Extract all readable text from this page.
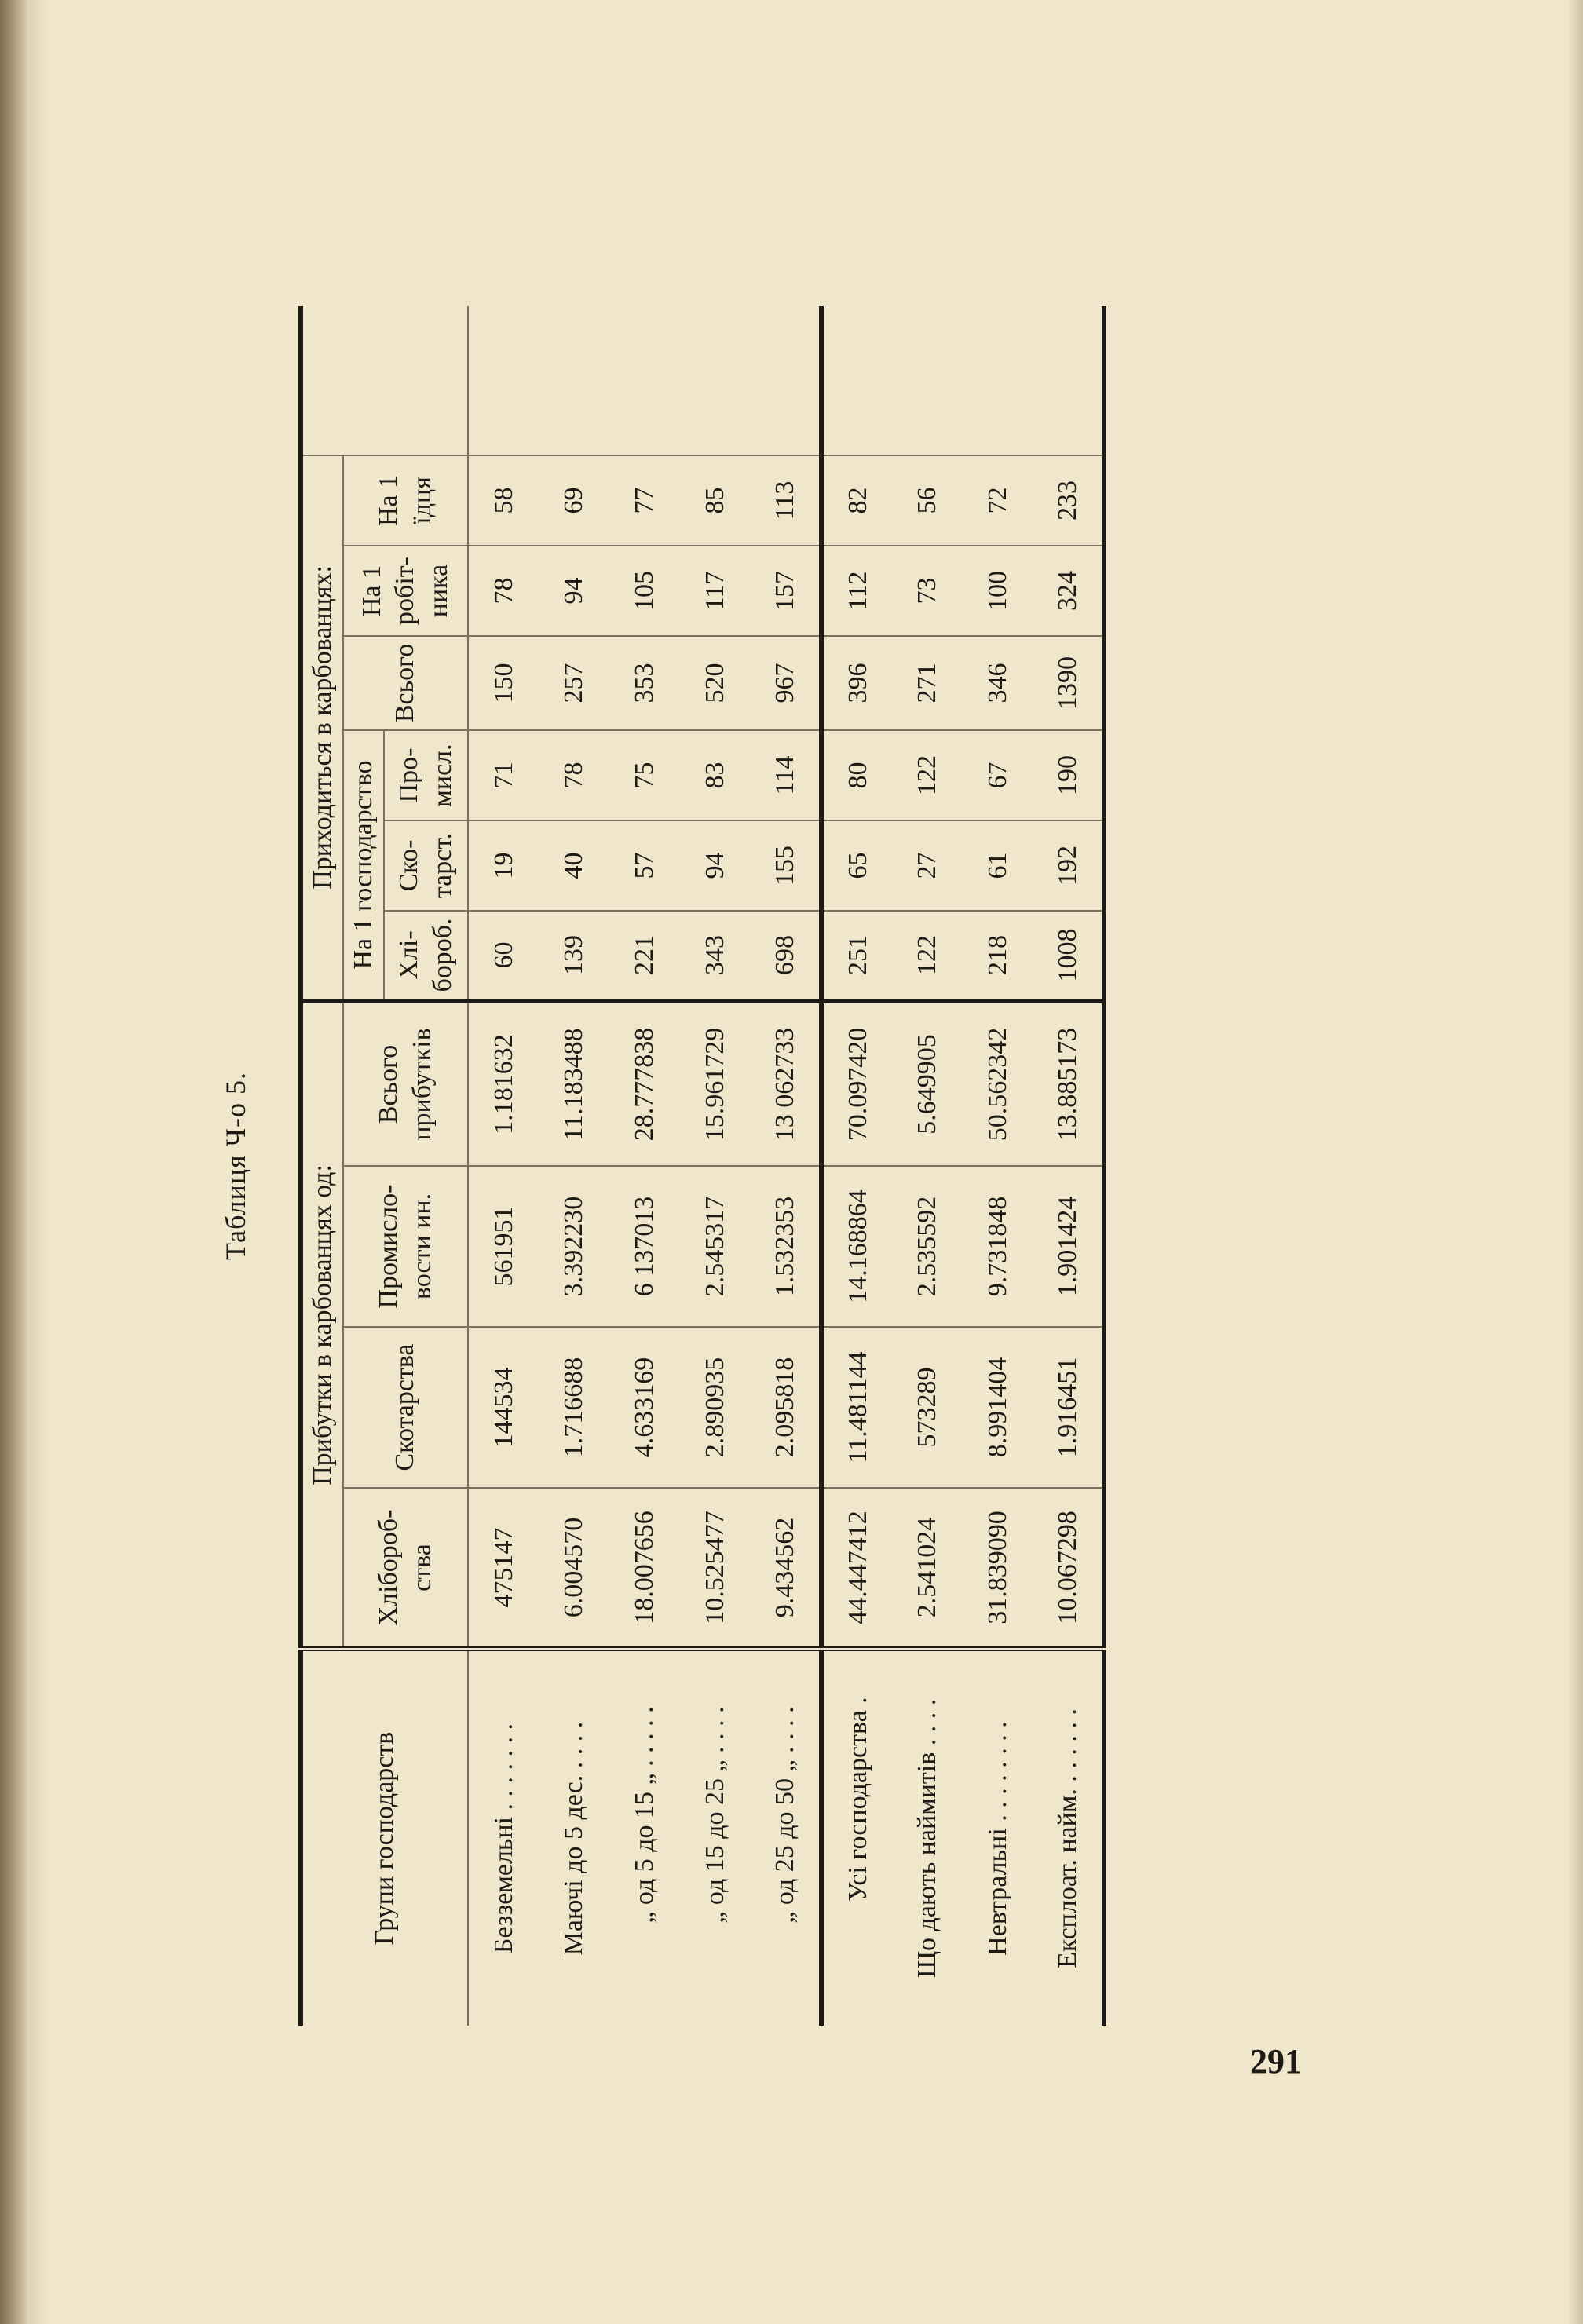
Таблиця Ч-о 5.
Групи господарств	Прибутки в карбованцях од:				Приходиться в карбованцях:						
	Хліборoб-ства	Скотарства	Промисло-вости ин.	Всього прибутків	На 1 господарство			Всього	На 1 робіт-ника	На 1 їдця	
					Хлі-бороб.	Ско-тарст.	Про-мисл.				
Безземельні . . . . . . .	475147	144534	561951	1.181632	60	19	71	150	78	58	
Маючі до 5 дес. . . . .	6.004570	1.716688	3.392230	11.183488	139	40	78	257	94	69	
„ од 5 до 15 „ . . . . .	18.007656	4.633169	6 137013	28.777838	221	57	75	353	105	77	
„ од 15 до 25 „ . . . .	10.525477	2.890935	2.545317	15.961729	343	94	83	520	117	85	
„ од 25 до 50 „ . . . .	9.434562	2.095818	1.532353	13 062733	698	155	114	967	157	113	
Усі господарства .	44.447412	11.481144	14.168864	70.097420	251	65	80	396	112	82	
Що дають наймитів . . . .	2.541024	573289	2.535592	5.649905	122	27	122	271	73	56	
Невтральні . . . . . . . .	31.839090	8.991404	9.731848	50.562342	218	61	67	346	100	72	
Експлоат. найм. . . . . . .	10.067298	1.916451	1.901424	13.885173	1008	192	190	1390	324	233	
291
